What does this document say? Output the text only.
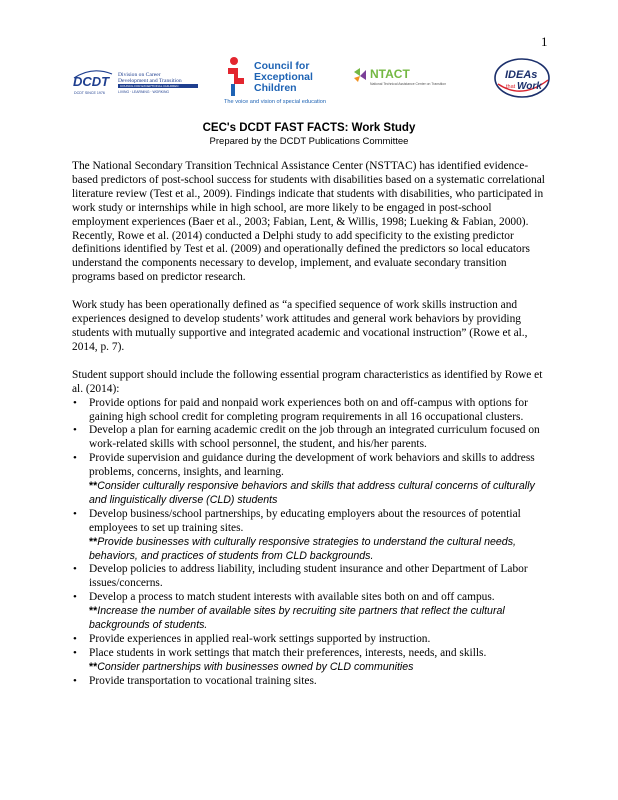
1
DCDT
DCDT SINCE 1976
Division on Career
Development and Transition
COUNCIL FOR EXCEPTIONAL CHILDREN
LIVING · LEARNING · WORKING
Council for
Exceptional
Children
The voice and vision of special education
NTACT
National Technical Assistance Center on Transition
IDEAs
that Work
CEC's DCDT FAST FACTS: Work Study
Prepared by the DCDT Publications Committee

The National Secondary Transition Technical Assistance Center (NSTTAC) has identified evidence-based predictors of post-school success for students with disabilities based on a systematic correlational literature review (Test et al., 2009). Findings indicate that students with disabilities, who participated in work study or internships while in high school, are more likely to be engaged in post-school employment experiences (Baer et al., 2003; Fabian, Lent, & Willis, 1998; Lueking & Fabian, 2000). Recently, Rowe et al. (2014) conducted a Delphi study to add specificity to the existing predictor definitions identified by Test et al. (2009) and operationally defined the predictors so local educators understand the components necessary to develop, implement, and evaluate secondary transition programs based on predictor research.

Work study has been operationally defined as “a specified sequence of work skills instruction and experiences designed to develop students’ work attitudes and general work behaviors by providing students with mutually supportive and integrated academic and vocational instruction” (Rowe et al., 2014, p. 7).

Student support should include the following essential program characteristics as identified by Rowe et al. (2014):

• Provide options for paid and nonpaid work experiences both on and off-campus with options for gaining high school credit for completing program requirements in all 16 occupational clusters.
• Develop a plan for earning academic credit on the job through an integrated curriculum focused on work-related skills with school personnel, the student, and his/her parents.
• Provide supervision and guidance during the development of work behaviors and skills to address problems, concerns, insights, and learning.
**Consider culturally responsive behaviors and skills that address cultural concerns of culturally and linguistically diverse (CLD) students
• Develop business/school partnerships, by educating employers about the resources of potential employees to set up training sites.
**Provide businesses with culturally responsive strategies to understand the cultural needs, behaviors, and practices of students from CLD backgrounds.
• Develop policies to address liability, including student insurance and other Department of Labor issues/concerns.
• Develop a process to match student interests with available sites both on and off campus.
**Increase the number of available sites by recruiting site partners that reflect the cultural backgrounds of students.
• Provide experiences in applied real-work settings supported by instruction.
• Place students in work settings that match their preferences, interests, needs, and skills.
**Consider partnerships with businesses owned by CLD communities
• Provide transportation to vocational training sites.
